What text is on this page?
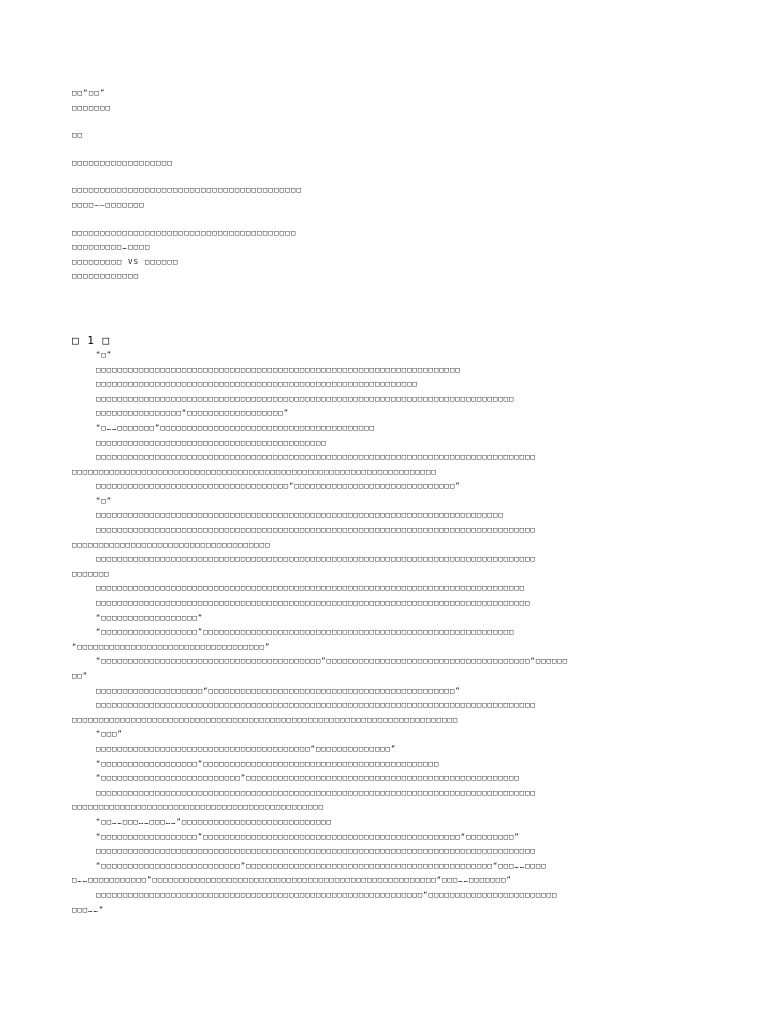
□□“□□”
□□□□□□□
□□
□□□□□□□□□□□□□□□□□□
□□□□□□□□□□□□□□□□□□□□□□□□□□□□□□□□□□□□□□□□□
□□□□——□□□□□□□
□□□□□□□□□□□□□□□□□□□□□□□□□□□□□□□□□□□□□□□□
□□□□□□□□□…□□□□
□□□□□□□□□ VS □□□□□□
□□□□□□□□□□□□
□ 1 □
“□”
□□□□□□□□□□□□□□□□□□□□□□□□□□□□□□□□□□□□□□□□□□□□□□□□□□□□□□□□□□□□□□□□□□□□
□□□□□□□□□□□□□□□□□□□□□□□□□□□□□□□□□□□□□□□□□□□□□□□□□□□□□□□□□□□□
□□□□□□□□□□□□□□□□□□□□□□□□□□□□□□□□□□□□□□□□□□□□□□□□□□□□□□□□□□□□□□□□□□□□□□□□□□□□□□
□□□□□□□□□□□□□□□□“□□□□□□□□□□□□□□□□□□”
“□……□□□□□□□”□□□□□□□□□□□□□□□□□□□□□□□□□□□□□□□□□□□□□□□□
□□□□□□□□□□□□□□□□□□□□□□□□□□□□□□□□□□□□□□□□□□□
□□□□□□□□□□□□□□□□□□□□□□□□□□□□□□□□□□□□□□□□□□□□□□□□□□□□□□□□□□□□□□□□□□□□□□□□□□□□□□□□□□
□□□□□□□□□□□□□□□□□□□□□□□□□□□□□□□□□□□□□□□□□□□□□□□□□□□□□□□□□□□□□□□□□□□□
□□□□□□□□□□□□□□□□□□□□□□□□□□□□□□□□□□□□“□□□□□□□□□□□□□□□□□□□□□□□□□□□□□□”
“□”
□□□□□□□□□□□□□□□□□□□□□□□□□□□□□□□□□□□□□□□□□□□□□□□□□□□□□□□□□□□□□□□□□□□□□□□□□□□□
□□□□□□□□□□□□□□□□□□□□□□□□□□□□□□□□□□□□□□□□□□□□□□□□□□□□□□□□□□□□□□□□□□□□□□□□□□□□□□□□□□
□□□□□□□□□□□□□□□□□□□□□□□□□□□□□□□□□□□□□
□□□□□□□□□□□□□□□□□□□□□□□□□□□□□□□□□□□□□□□□□□□□□□□□□□□□□□□□□□□□□□□□□□□□□□□□□□□□□□□□□□
□□□□□□□
□□□□□□□□□□□□□□□□□□□□□□□□□□□□□□□□□□□□□□□□□□□□□□□□□□□□□□□□□□□□□□□□□□□□□□□□□□□□□□□□
□□□□□□□□□□□□□□□□□□□□□□□□□□□□□□□□□□□□□□□□□□□□□□□□□□□□□□□□□□□□□□□□□□□□□□□□□□□□□□□□□
“□□□□□□□□□□□□□□□□□□”
“□□□□□□□□□□□□□□□□□□”□□□□□□□□□□□□□□□□□□□□□□□□□□□□□□□□□□□□□□□□□□□□□□□□□□□□□□□□□□
“□□□□□□□□□□□□□□□□□□□□□□□□□□□□□□□□□□□”
“□□□□□□□□□□□□□□□□□□□□□□□□□□□□□□□□□□□□□□□□□”□□□□□□□□□□□□□□□□□□□□□□□□□□□□□□□□□□□□□□“□□□□□□
□□”
□□□□□□□□□□□□□□□□□□□□“□□□□□□□□□□□□□□□□□□□□□□□□□□□□□□□□□□□□□□□□□□□□□□”
□□□□□□□□□□□□□□□□□□□□□□□□□□□□□□□□□□□□□□□□□□□□□□□□□□□□□□□□□□□□□□□□□□□□□□□□□□□□□□□□□□
□□□□□□□□□□□□□□□□□□□□□□□□□□□□□□□□□□□□□□□□□□□□□□□□□□□□□□□□□□□□□□□□□□□□□□□□
“□□□”
□□□□□□□□□□□□□□□□□□□□□□□□□□□□□□□□□□□□□□□□“□□□□□□□□□□□□□□”
“□□□□□□□□□□□□□□□□□□”□□□□□□□□□□□□□□□□□□□□□□□□□□□□□□□□□□□□□□□□□□□□
“□□□□□□□□□□□□□□□□□□□□□□□□□□”□□□□□□□□□□□□□□□□□□□□□□□□□□□□□□□□□□□□□□□□□□□□□□□□□□□
□□□□□□□□□□□□□□□□□□□□□□□□□□□□□□□□□□□□□□□□□□□□□□□□□□□□□□□□□□□□□□□□□□□□□□□□□□□□□□□□□□
□□□□□□□□□□□□□□□□□□□□□□□□□□□□□□□□□□□□□□□□□□□□□□□
“□□……□□□……□□□……”□□□□□□□□□□□□□□□□□□□□□□□□□□□□
“□□□□□□□□□□□□□□□□□□”□□□□□□□□□□□□□□□□□□□□□□□□□□□□□□□□□□□□□□□□□□□□□□□□“□□□□□□□□□”
□□□□□□□□□□□□□□□□□□□□□□□□□□□□□□□□□□□□□□□□□□□□□□□□□□□□□□□□□□□□□□□□□□□□□□□□□□□□□□□□□□
“□□□□□□□□□□□□□□□□□□□□□□□□□□”□□□□□□□□□□□□□□□□□□□□□□□□□□□□□□□□□□□□□□□□□□□□□□“□□□……□□□□
□……□□□□□□□□□□□”□□□□□□□□□□□□□□□□□□□□□□□□□□□□□□□□□□□□□□□□□□□□□□□□□□□□□“□□□……□□□□□□□”
□□□□□□□□□□□□□□□□□□□□□□□□□□□□□□□□□□□□□□□□□□□□□□□□□□□□□□□□□□□□□“□□□□□□□□□□□□□□□□□□□□□□□□
□□□……”
